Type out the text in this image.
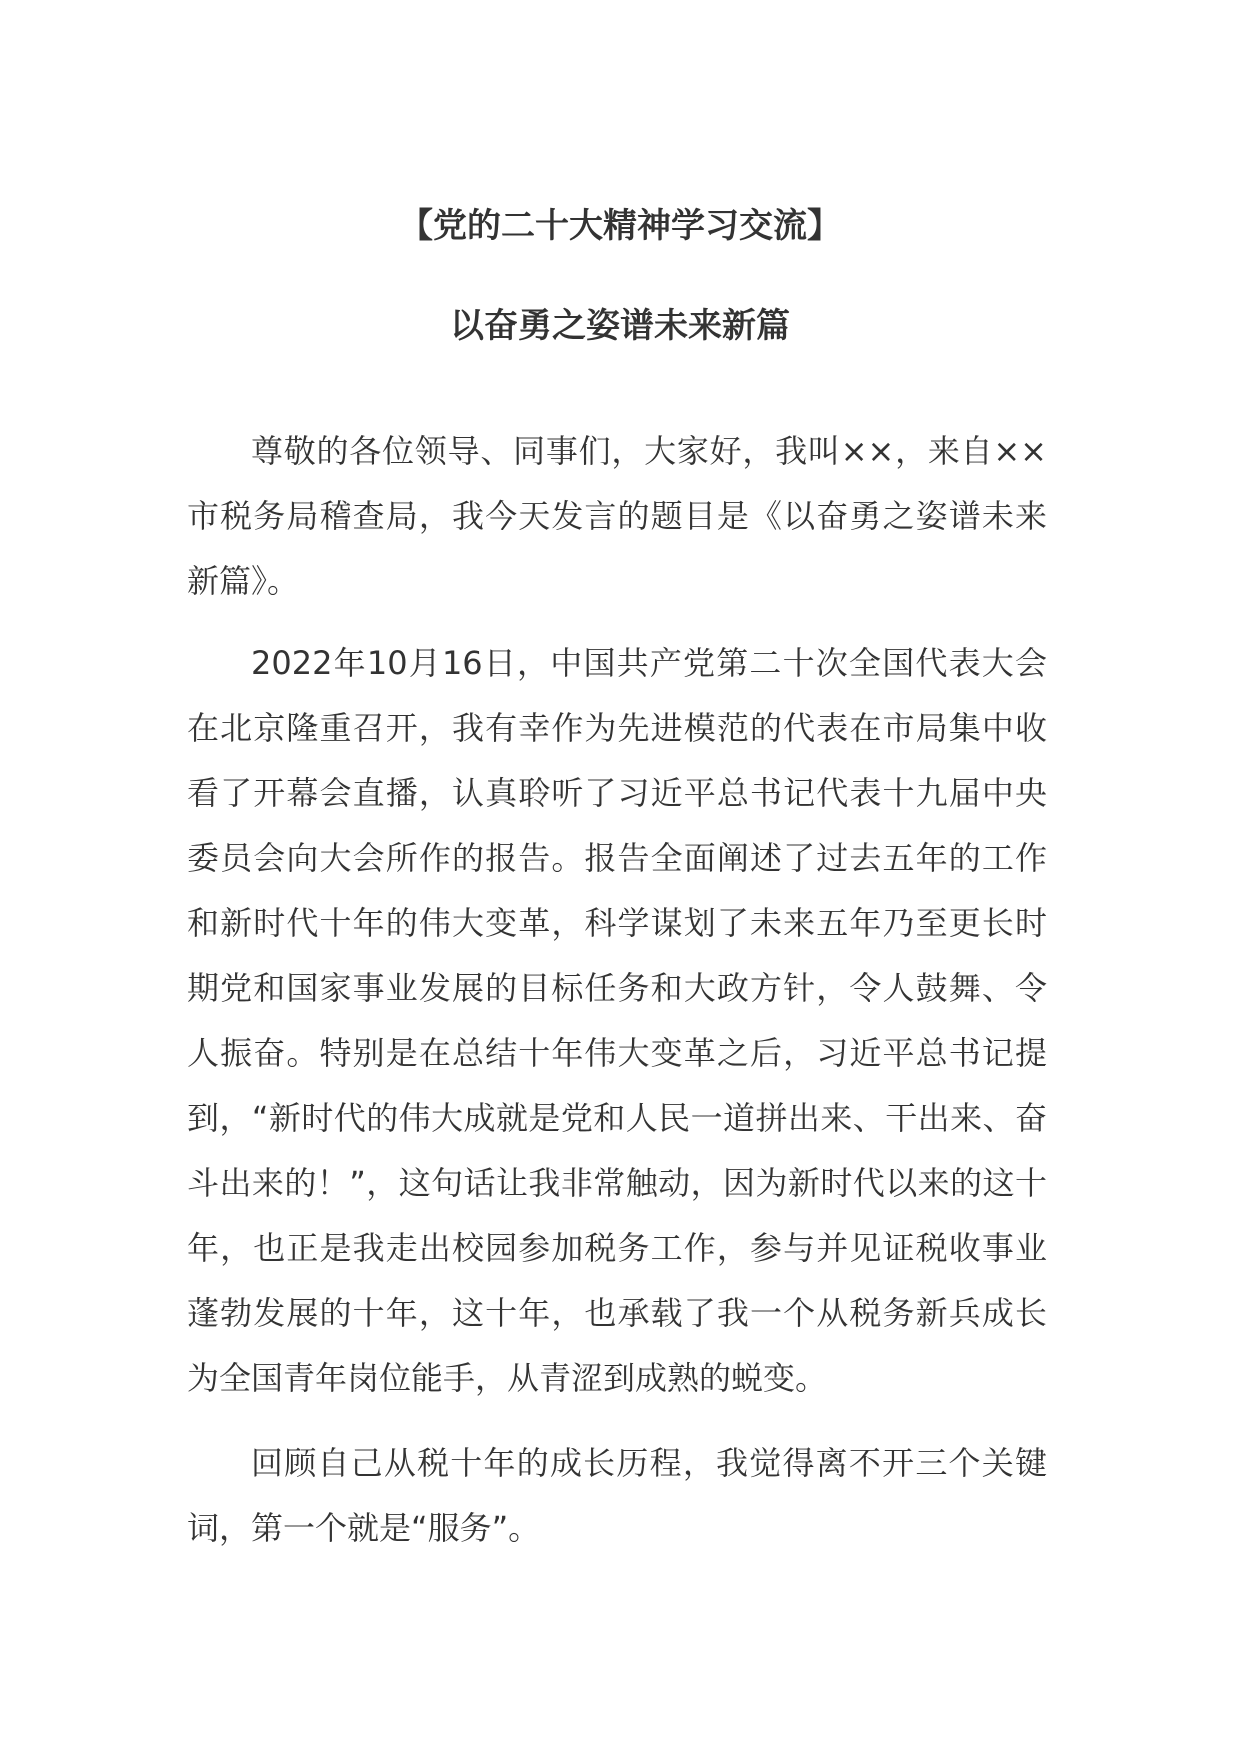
【党的二十大精神学习交流】
以奋勇之姿谱未来新篇

尊敬的各位领导、同事们，大家好，我叫××，来自××市税务局稽查局，我今天发言的题目是《以奋勇之姿谱未来新篇》。

2022年10月16日，中国共产党第二十次全国代表大会在北京隆重召开，我有幸作为先进模范的代表在市局集中收看了开幕会直播，认真聆听了习近平总书记代表十九届中央委员会向大会所作的报告。报告全面阐述了过去五年的工作和新时代十年的伟大变革，科学谋划了未来五年乃至更长时期党和国家事业发展的目标任务和大政方针，令人鼓舞、令人振奋。特别是在总结十年伟大变革之后，习近平总书记提到，“新时代的伟大成就是党和人民一道拼出来、干出来、奋斗出来的！”，这句话让我非常触动，因为新时代以来的这十年，也正是我走出校园参加税务工作，参与并见证税收事业蓬勃发展的十年，这十年，也承载了我一个从税务新兵成长为全国青年岗位能手，从青涩到成熟的蜕变。

回顾自己从税十年的成长历程，我觉得离不开三个关键词，第一个就是“服务”。
